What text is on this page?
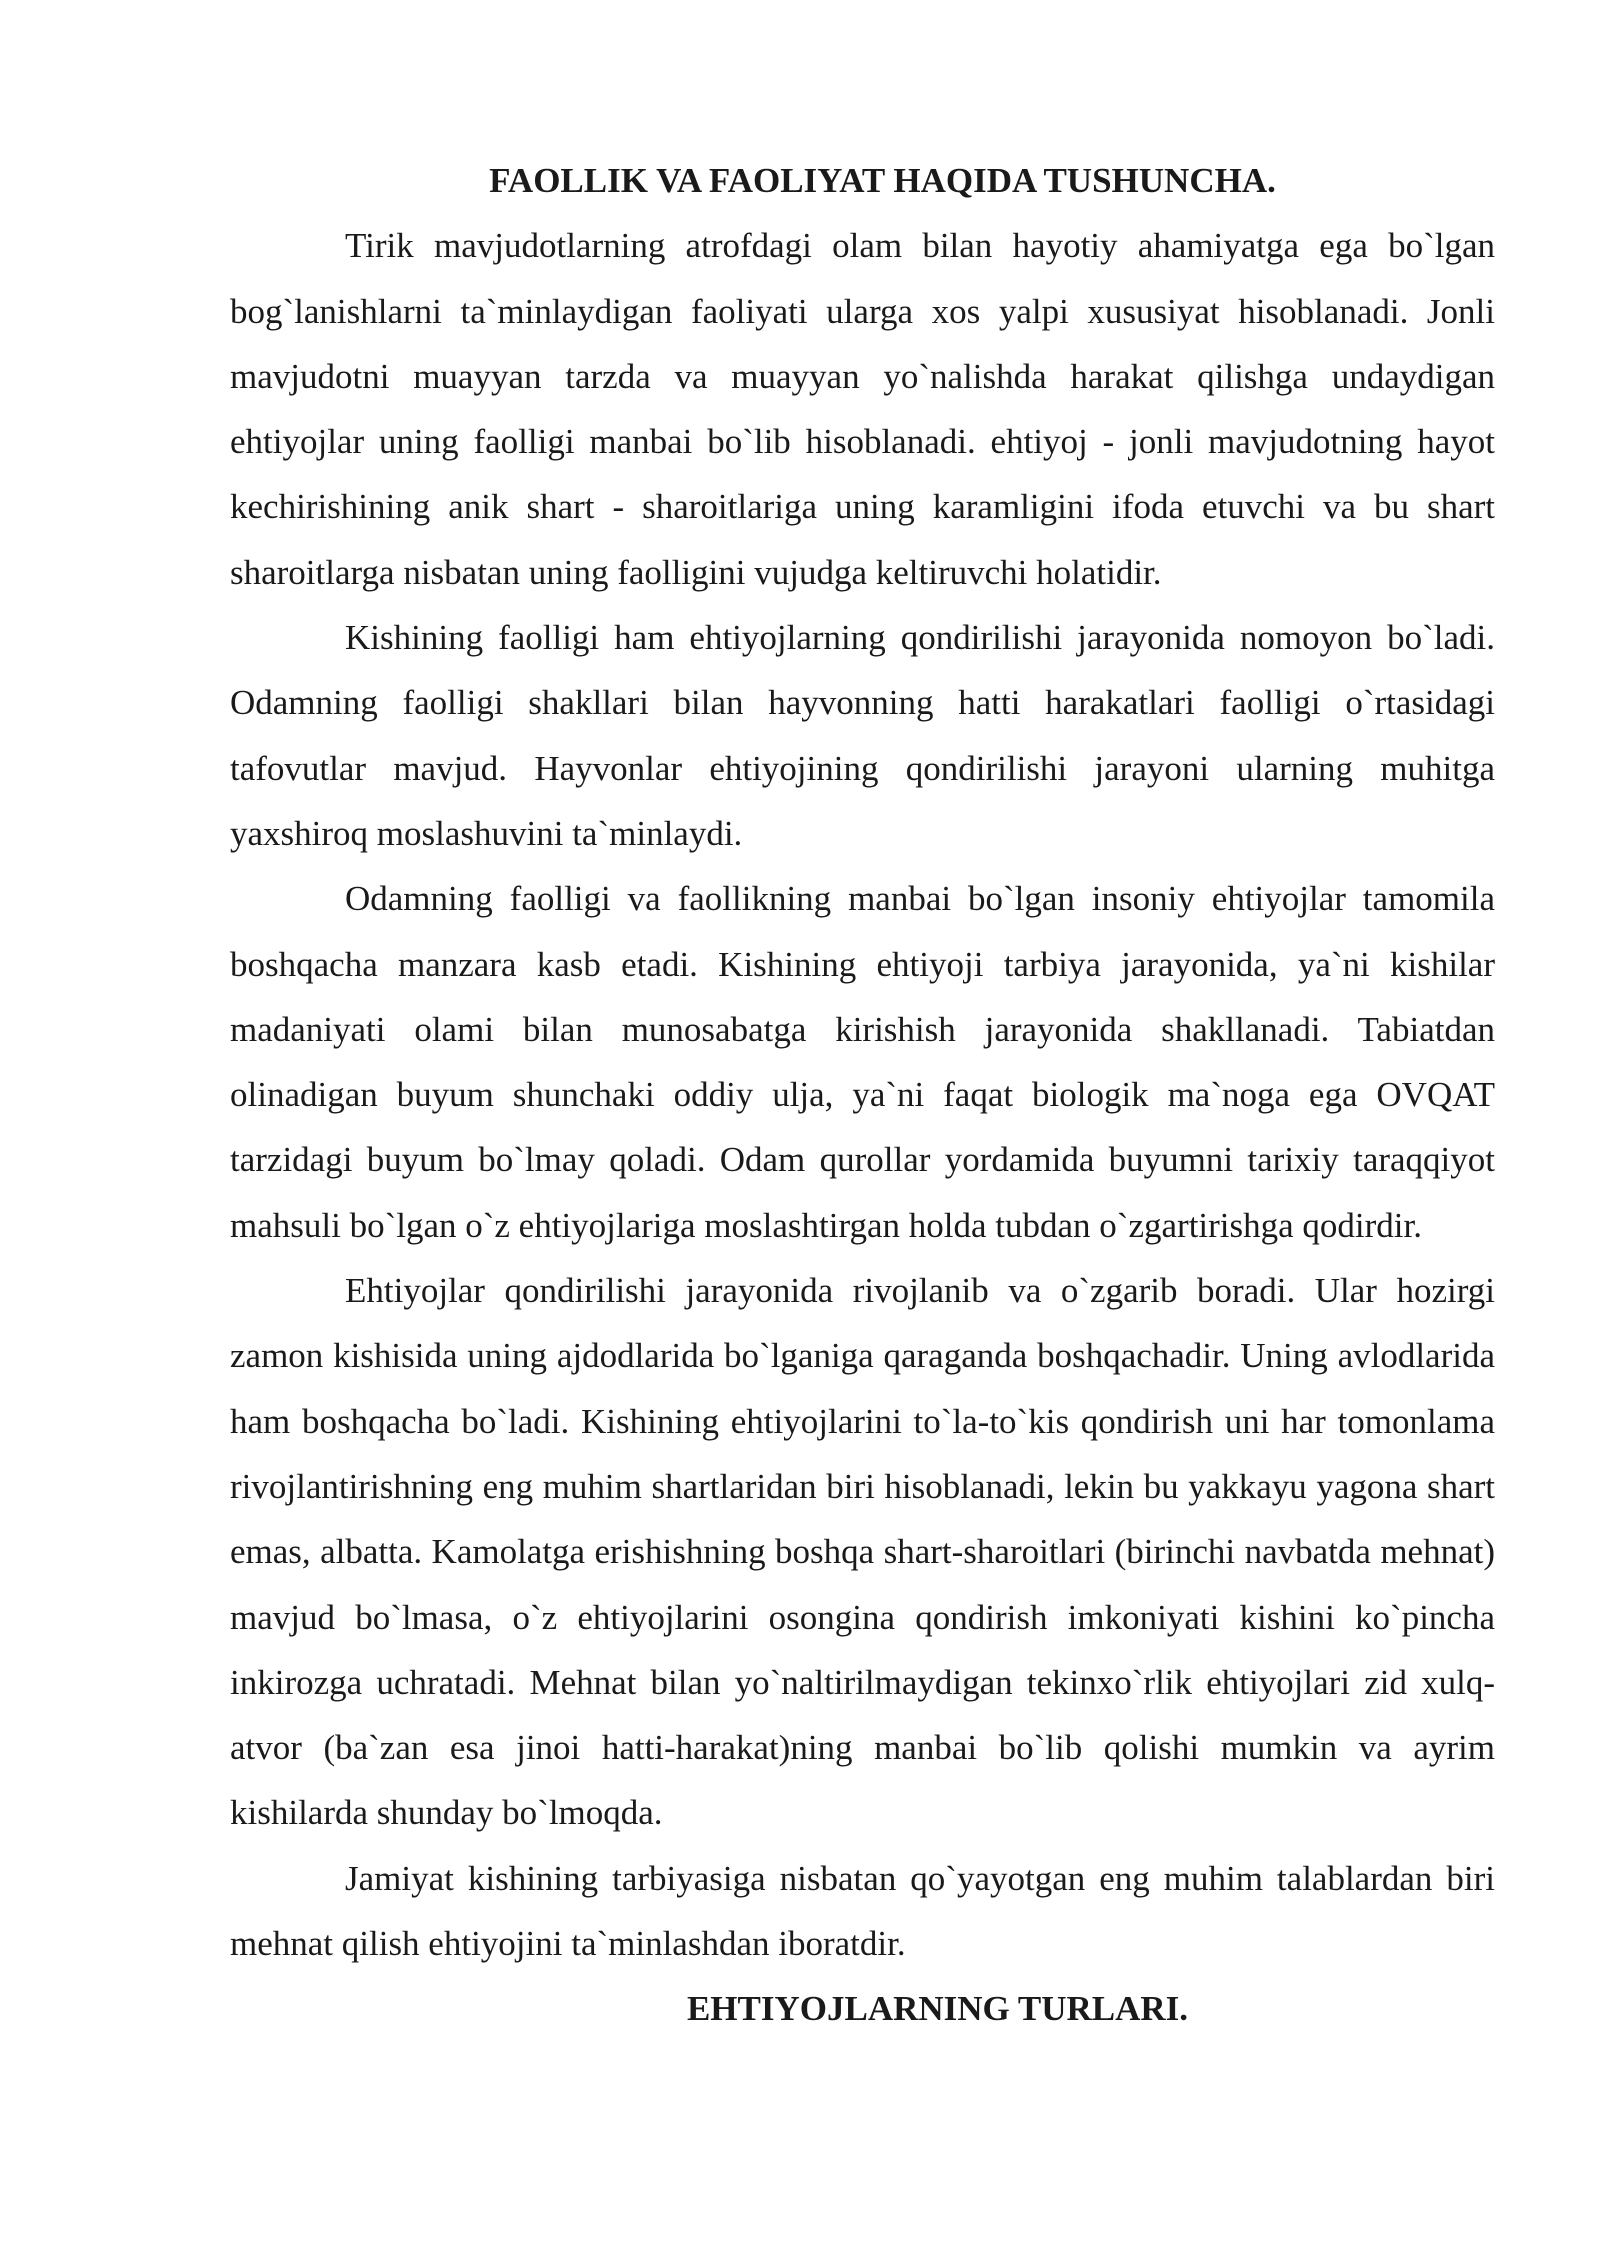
FAOLLIK VA FAOLIYAT HAQIDA TUSHUNCHA.

Tirik mavjudotlarning atrofdagi olam bilan hayotiy ahamiyatga ega bo`lgan bog`lanishlarni ta`minlaydigan faoliyati ularga xos yalpi xususiyat hisoblanadi. Jonli mavjudotni muayyan tarzda va muayyan yo`nalishda harakat qilishga undaydigan ehtiyojlar uning faolligi manbai bo`lib hisoblanadi. ehtiyoj - jonli mavjudotning hayot kechirishining anik shart - sharoitlariga uning karamligini ifoda etuvchi va bu shart sharoitlarga nisbatan uning faolligini vujudga keltiruvchi holatidir.

Kishining faolligi ham ehtiyojlarning qondirilishi jarayonida nomoyon bo`ladi. Odamning faolligi shakllari bilan hayvonning hatti harakatlari faolligi o`rtasidagi tafovutlar mavjud. Hayvonlar ehtiyojining qondirilishi jarayoni ularning muhitga yaxshiroq moslashuvini ta`minlaydi.

Odamning faolligi va faollikning manbai bo`lgan insoniy ehtiyojlar tamomila boshqacha manzara kasb etadi. Kishining ehtiyoji tarbiya jarayonida, ya`ni kishilar madaniyati olami bilan munosabatga kirishish jarayonida shakllanadi. Tabiatdan olinadigan buyum shunchaki oddiy ulja, ya`ni faqat biologik ma`noga ega OVQAT tarzidagi buyum bo`lmay qoladi. Odam qurollar yordamida buyumni tarixiy taraqqiyot mahsuli bo`lgan o`z ehtiyojlariga moslashtirgan holda tubdan o`zgartirishga qodirdir.

Ehtiyojlar qondirilishi jarayonida rivojlanib va o`zgarib boradi. Ular hozirgi zamon kishisida uning ajdodlarida bo`lganiga qaraganda boshqachadir. Uning avlodlarida ham boshqacha bo`ladi. Kishining ehtiyojlarini to`la-to`kis qondirish uni har tomonlama rivojlantirishning eng muhim shartlaridan biri hisoblanadi, lekin bu yakkayu yagona shart emas, albatta. Kamolatga erishishning boshqa shart-sharoitlari (birinchi navbatda mehnat) mavjud bo`lmasa, o`z ehtiyojlarini osongina qondirish imkoniyati kishini ko`pincha inkirozga uchratadi. Mehnat bilan yo`naltirilmaydigan tekinxo`rlik ehtiyojlari zid xulq-atvor (ba`zan esa jinoi hatti-harakat)ning manbai bo`lib qolishi mumkin va ayrim kishilarda shunday bo`lmoqda.

Jamiyat kishining tarbiyasiga nisbatan qo`yayotgan eng muhim talablardan biri mehnat qilish ehtiyojini ta`minlashdan iboratdir.

EHTIYOJLARNING TURLARI.
